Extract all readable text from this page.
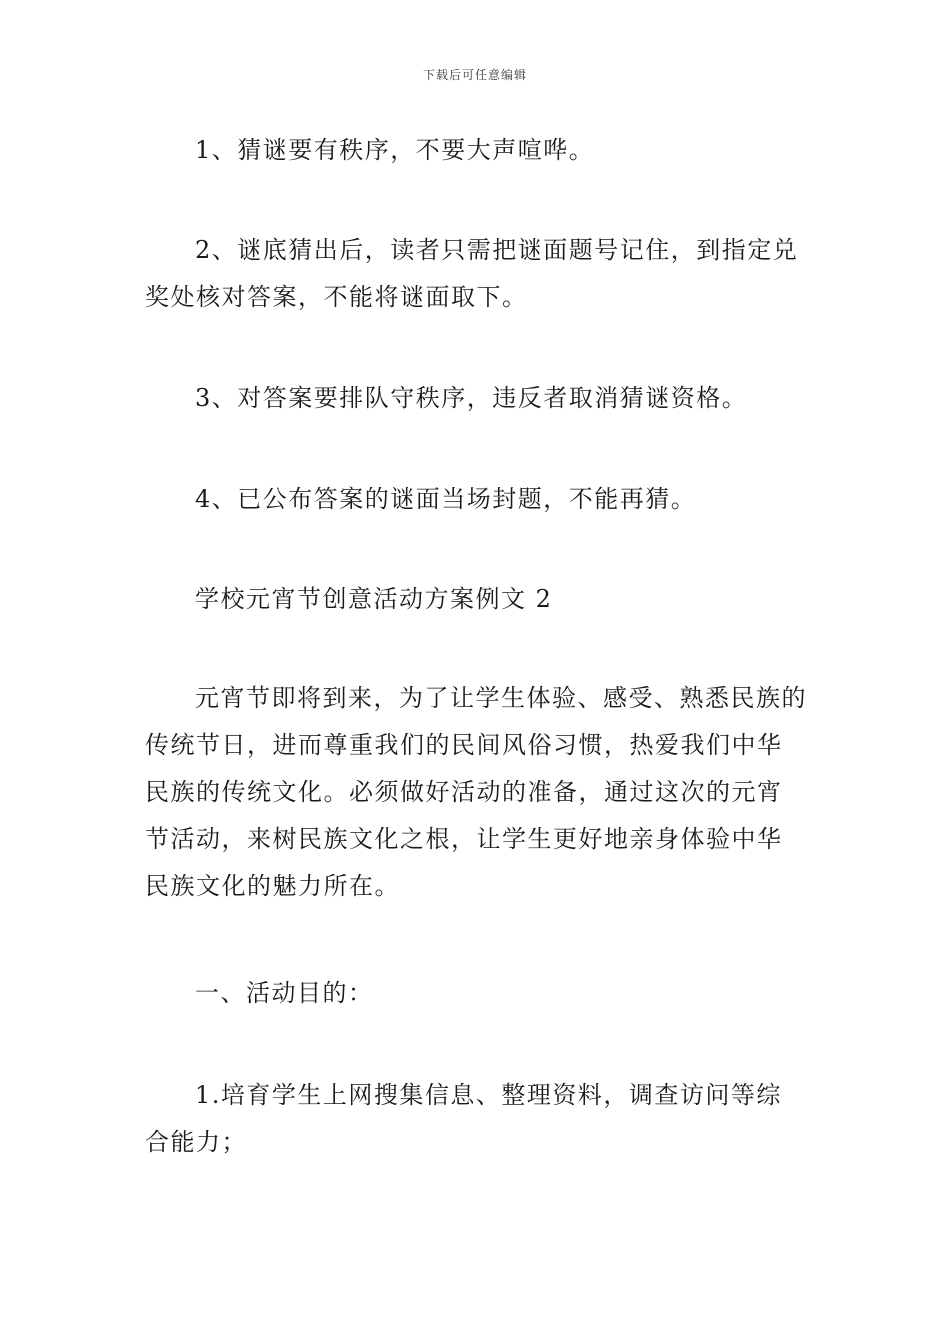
下载后可任意编辑

1、猜谜要有秩序，不要大声喧哗。

2、谜底猜出后，读者只需把谜面题号记住，到指定兑奖处核对答案，不能将谜面取下。

3、对答案要排队守秩序，违反者取消猜谜资格。

4、已公布答案的谜面当场封题，不能再猜。

学校元宵节创意活动方案例文 2

元宵节即将到来，为了让学生体验、感受、熟悉民族的传统节日，进而尊重我们的民间风俗习惯，热爱我们中华民族的传统文化。必须做好活动的准备，通过这次的元宵节活动，来树民族文化之根，让学生更好地亲身体验中华民族文化的魅力所在。

一、活动目的：

1.培育学生上网搜集信息、整理资料，调查访问等综合能力；
